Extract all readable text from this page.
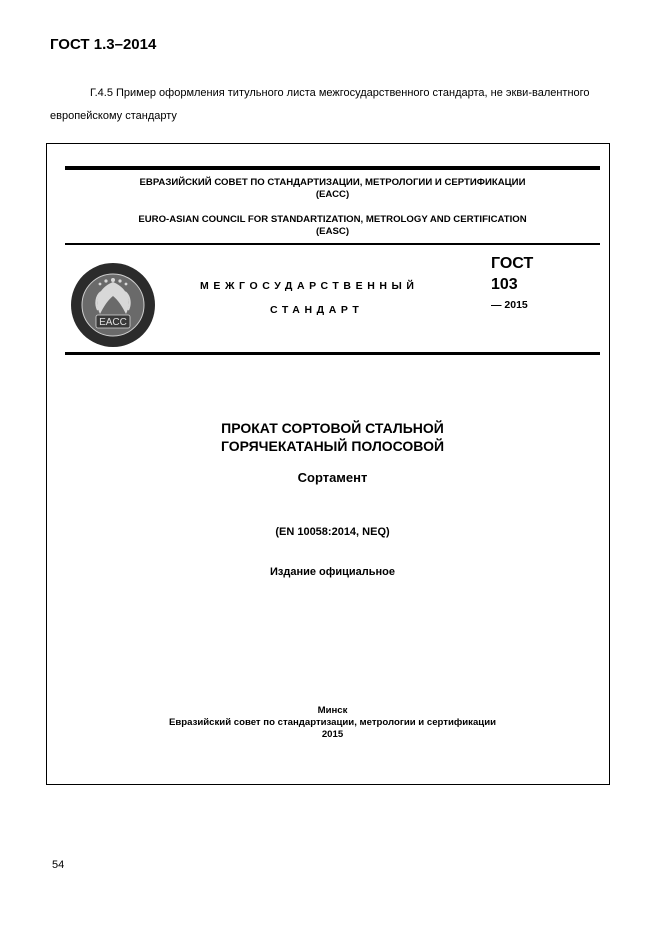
ГОСТ 1.3–2014
Г.4.5 Пример оформления титульного листа межгосударственного стандарта, не экви-валентного европейскому стандарту
ЕВРАЗИЙСКИЙ СОВЕТ ПО СТАНДАРТИЗАЦИИ, МЕТРОЛОГИИ И СЕРТИФИКАЦИИ
(ЕАСС)
EURO-ASIAN COUNCIL FOR STANDARTIZATION, METROLOGY AND CERTIFICATION
(EASC)
EACC
МЕЖГОСУДАРСТВЕННЫЙ
СТАНДАРТ
ГОСТ
103
— 2015
ПРОКАТ СОРТОВОЙ СТАЛЬНОЙ
ГОРЯЧЕКАТАНЫЙ ПОЛОСОВОЙ
Сортамент
(EN 10058:2014, NEQ)
Издание официальное
Минск
Евразийский совет по стандартизации, метрологии и сертификации
2015
54
